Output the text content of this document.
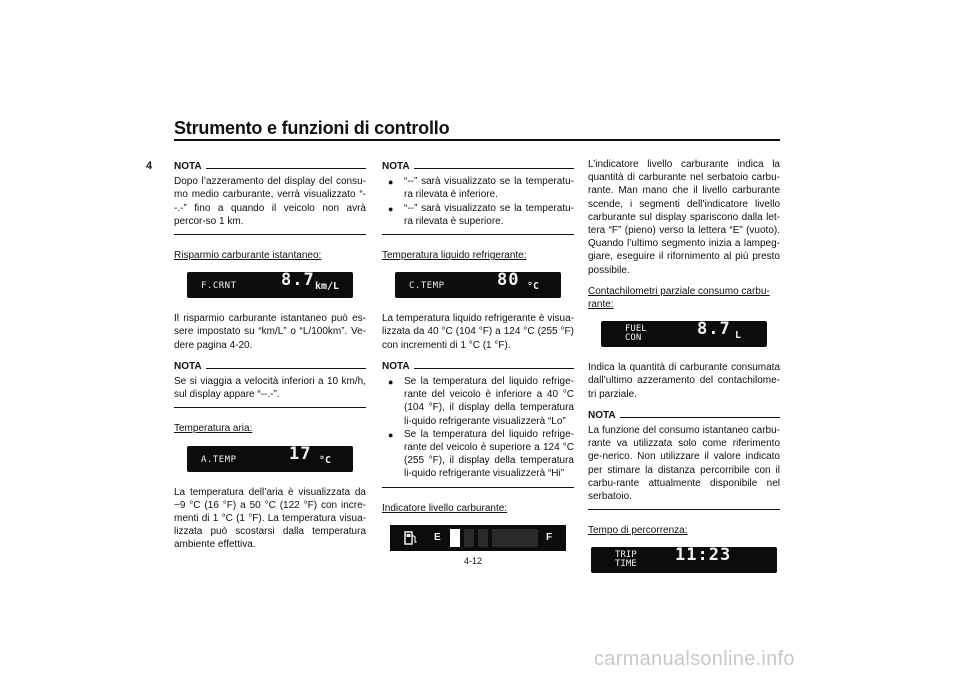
Strumento e funzioni di controllo
4 NOTA

Dopo l’azzeramento del display del consu-mo medio carburante, verrà visualizzato “--.-” fino a quando il veicolo non avrà percor-so 1 km.

Risparmio carburante istantaneo:
F.CRNT	8.7 km/L

Il risparmio carburante istantaneo può es-sere impostato su “km/L” o “L/100km”. Ve-dere pagina 4-20.

NOTA

Se si viaggia a velocità inferiori a 10 km/h, sul display appare “--.-”.

Temperatura aria:
A.TEMP	17 °C

La temperatura dell’aria è visualizzata da −9 °C (16 °F) a 50 °C (122 °F) con incre-menti di 1 °C (1 °F). La temperatura visua-lizzata può scostarsi dalla temperatura ambiente effettiva.

NOTA
● “--” sarà visualizzato se la temperatu-ra rilevata è inferiore.
● “--” sarà visualizzato se la temperatu-ra rilevata è superiore.
Temperatura liquido refrigerante:
C.TEMP	80 °C

La temperatura liquido refrigerante è visua-lizzata da 40 °C (104 °F) a 124 °C (255 °F) con incrementi di 1 °C (1 °F).

NOTA
● Se la temperatura del liquido refrige-rante del veicolo è inferiore a 40 °C (104 °F), il display della temperatura li-quido refrigerante visualizzerà “Lo”
● Se la temperatura del liquido refrige-rante del veicolo è superiore a 124 °C (255 °F), il display della temperatura li-quido refrigerante visualizzerà “Hi”
Indicatore livello carburante:
E	F

L’indicatore livello carburante indica la quantità di carburante nel serbatoio carbu-rante. Man mano che il livello carburante scende, i segmenti dell’indicatore livello carburante sul display spariscono dalla let-tera “F” (pieno) verso la lettera “E” (vuoto). Quando l’ultimo segmento inizia a lampeg-giare, eseguire il rifornimento al più presto possibile.

Contachilometri parziale consumo carbu-rante:
FUEL
CON	8.7 L

Indica la quantità di carburante consumata dall’ultimo azzeramento del contachilome-tri parziale.

NOTA

La funzione del consumo istantaneo carbu-rante va utilizzata solo come riferimento ge-nerico. Non utilizzare il valore indicato per stimare la distanza percorribile con il carbu-rante attualmente disponibile nel serbatoio.

Tempo di percorrenza:
TRIP
TIME 11:23
4-12
carmanualsonline.info
